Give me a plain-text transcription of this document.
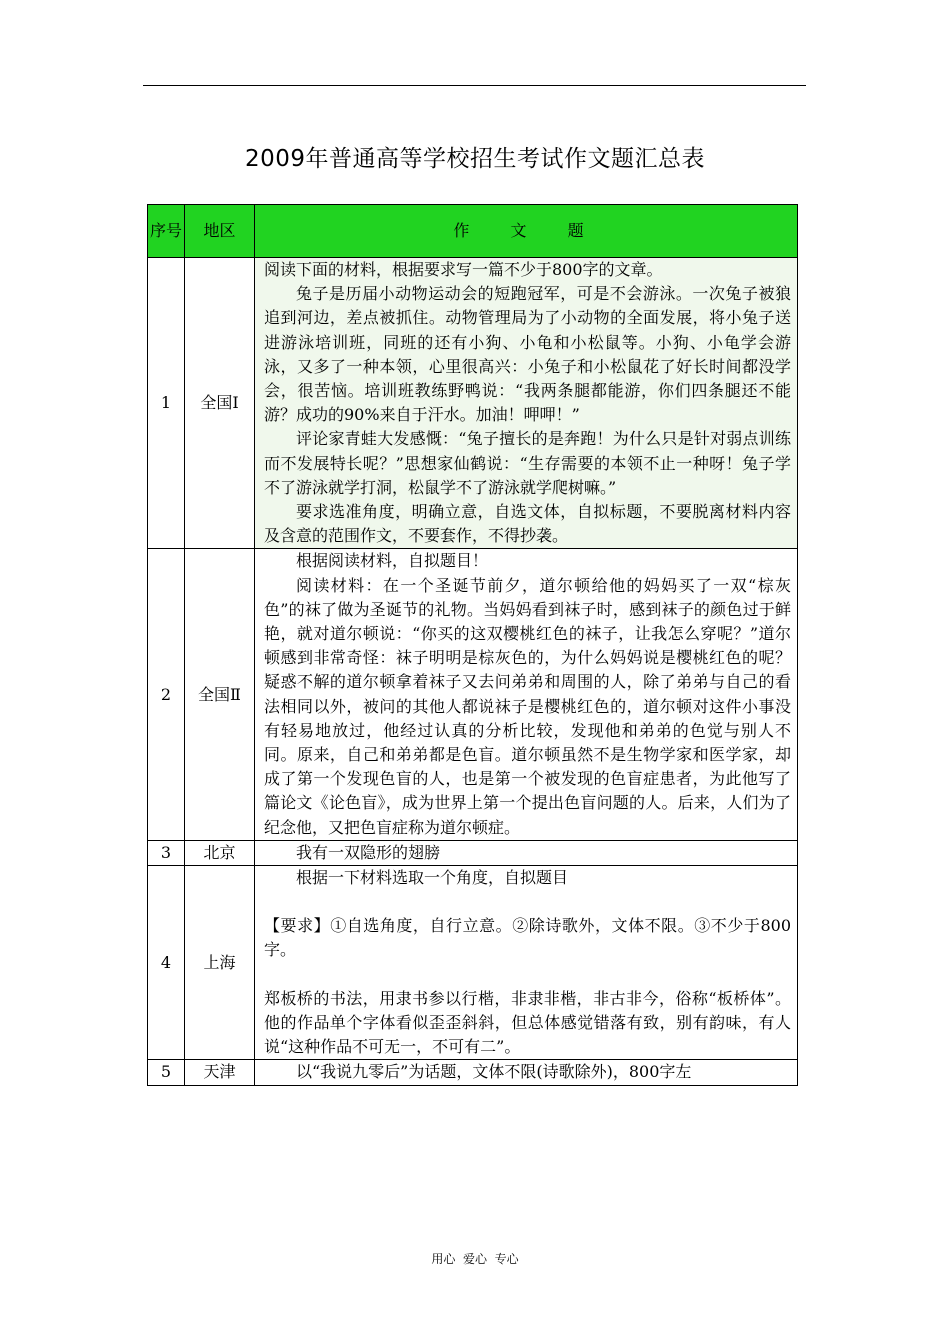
2009年普通高等学校招生考试作文题汇总表
序号	地区	作 文 题
1	全国Ⅰ	阅读下面的材料，根据要求写一篇不少于800字的文章。

兔子是历届小动物运动会的短跑冠军，可是不会游泳。一次兔子被狼追到河边，差点被抓住。动物管理局为了小动物的全面发展，将小兔子送进游泳培训班，同班的还有小狗、小龟和小松鼠等。小狗、小龟学会游泳，又多了一种本领，心里很高兴：小兔子和小松鼠花了好长时间都没学会，很苦恼。培训班教练野鸭说：“我两条腿都能游，你们四条腿还不能游？成功的90%来自于汗水。加油！呷呷！”

评论家青蛙大发感慨：“兔子擅长的是奔跑！为什么只是针对弱点训练而不发展特长呢？”思想家仙鹤说：“生存需要的本领不止一种呀！兔子学不了游泳就学打洞，松鼠学不了游泳就学爬树嘛。”

要求选准角度，明确立意，自选文体，自拟标题，不要脱离材料内容及含意的范围作文，不要套作，不得抄袭。

2	全国Ⅱ	根据阅读材料，自拟题目！

阅读材料：在一个圣诞节前夕，道尔顿给他的妈妈买了一双“棕灰色”的袜了做为圣诞节的礼物。当妈妈看到袜子时，感到袜子的颜色过于鲜艳，就对道尔顿说：“你买的这双樱桃红色的袜子，让我怎么穿呢？”道尔顿感到非常奇怪：袜子明明是棕灰色的，为什么妈妈说是樱桃红色的呢？疑惑不解的道尔顿拿着袜子又去问弟弟和周围的人，除了弟弟与自己的看法相同以外，被问的其他人都说袜子是樱桃红色的，道尔顿对这件小事没有轻易地放过，他经过认真的分析比较，发现他和弟弟的色觉与别人不同。原来，自己和弟弟都是色盲。道尔顿虽然不是生物学家和医学家，却成了第一个发现色盲的人，也是第一个被发现的色盲症患者，为此他写了篇论文《论色盲》，成为世界上第一个提出色盲问题的人。后来，人们为了纪念他，又把色盲症称为道尔顿症。

3	北京	我有一双隐形的翅膀

4	上海	根据一下材料选取一个角度，自拟题目

【要求】①自选角度，自行立意。②除诗歌外，文体不限。③不少于800字。

郑板桥的书法，用隶书参以行楷，非隶非楷，非古非今，俗称“板桥体”。他的作品单个字体看似歪歪斜斜，但总体感觉错落有致，别有韵味，有人说“这种作品不可无一，不可有二”。

5	天津	以“我说九零后”为话题，文体不限(诗歌除外)，800字左

用心  爱心  专心
